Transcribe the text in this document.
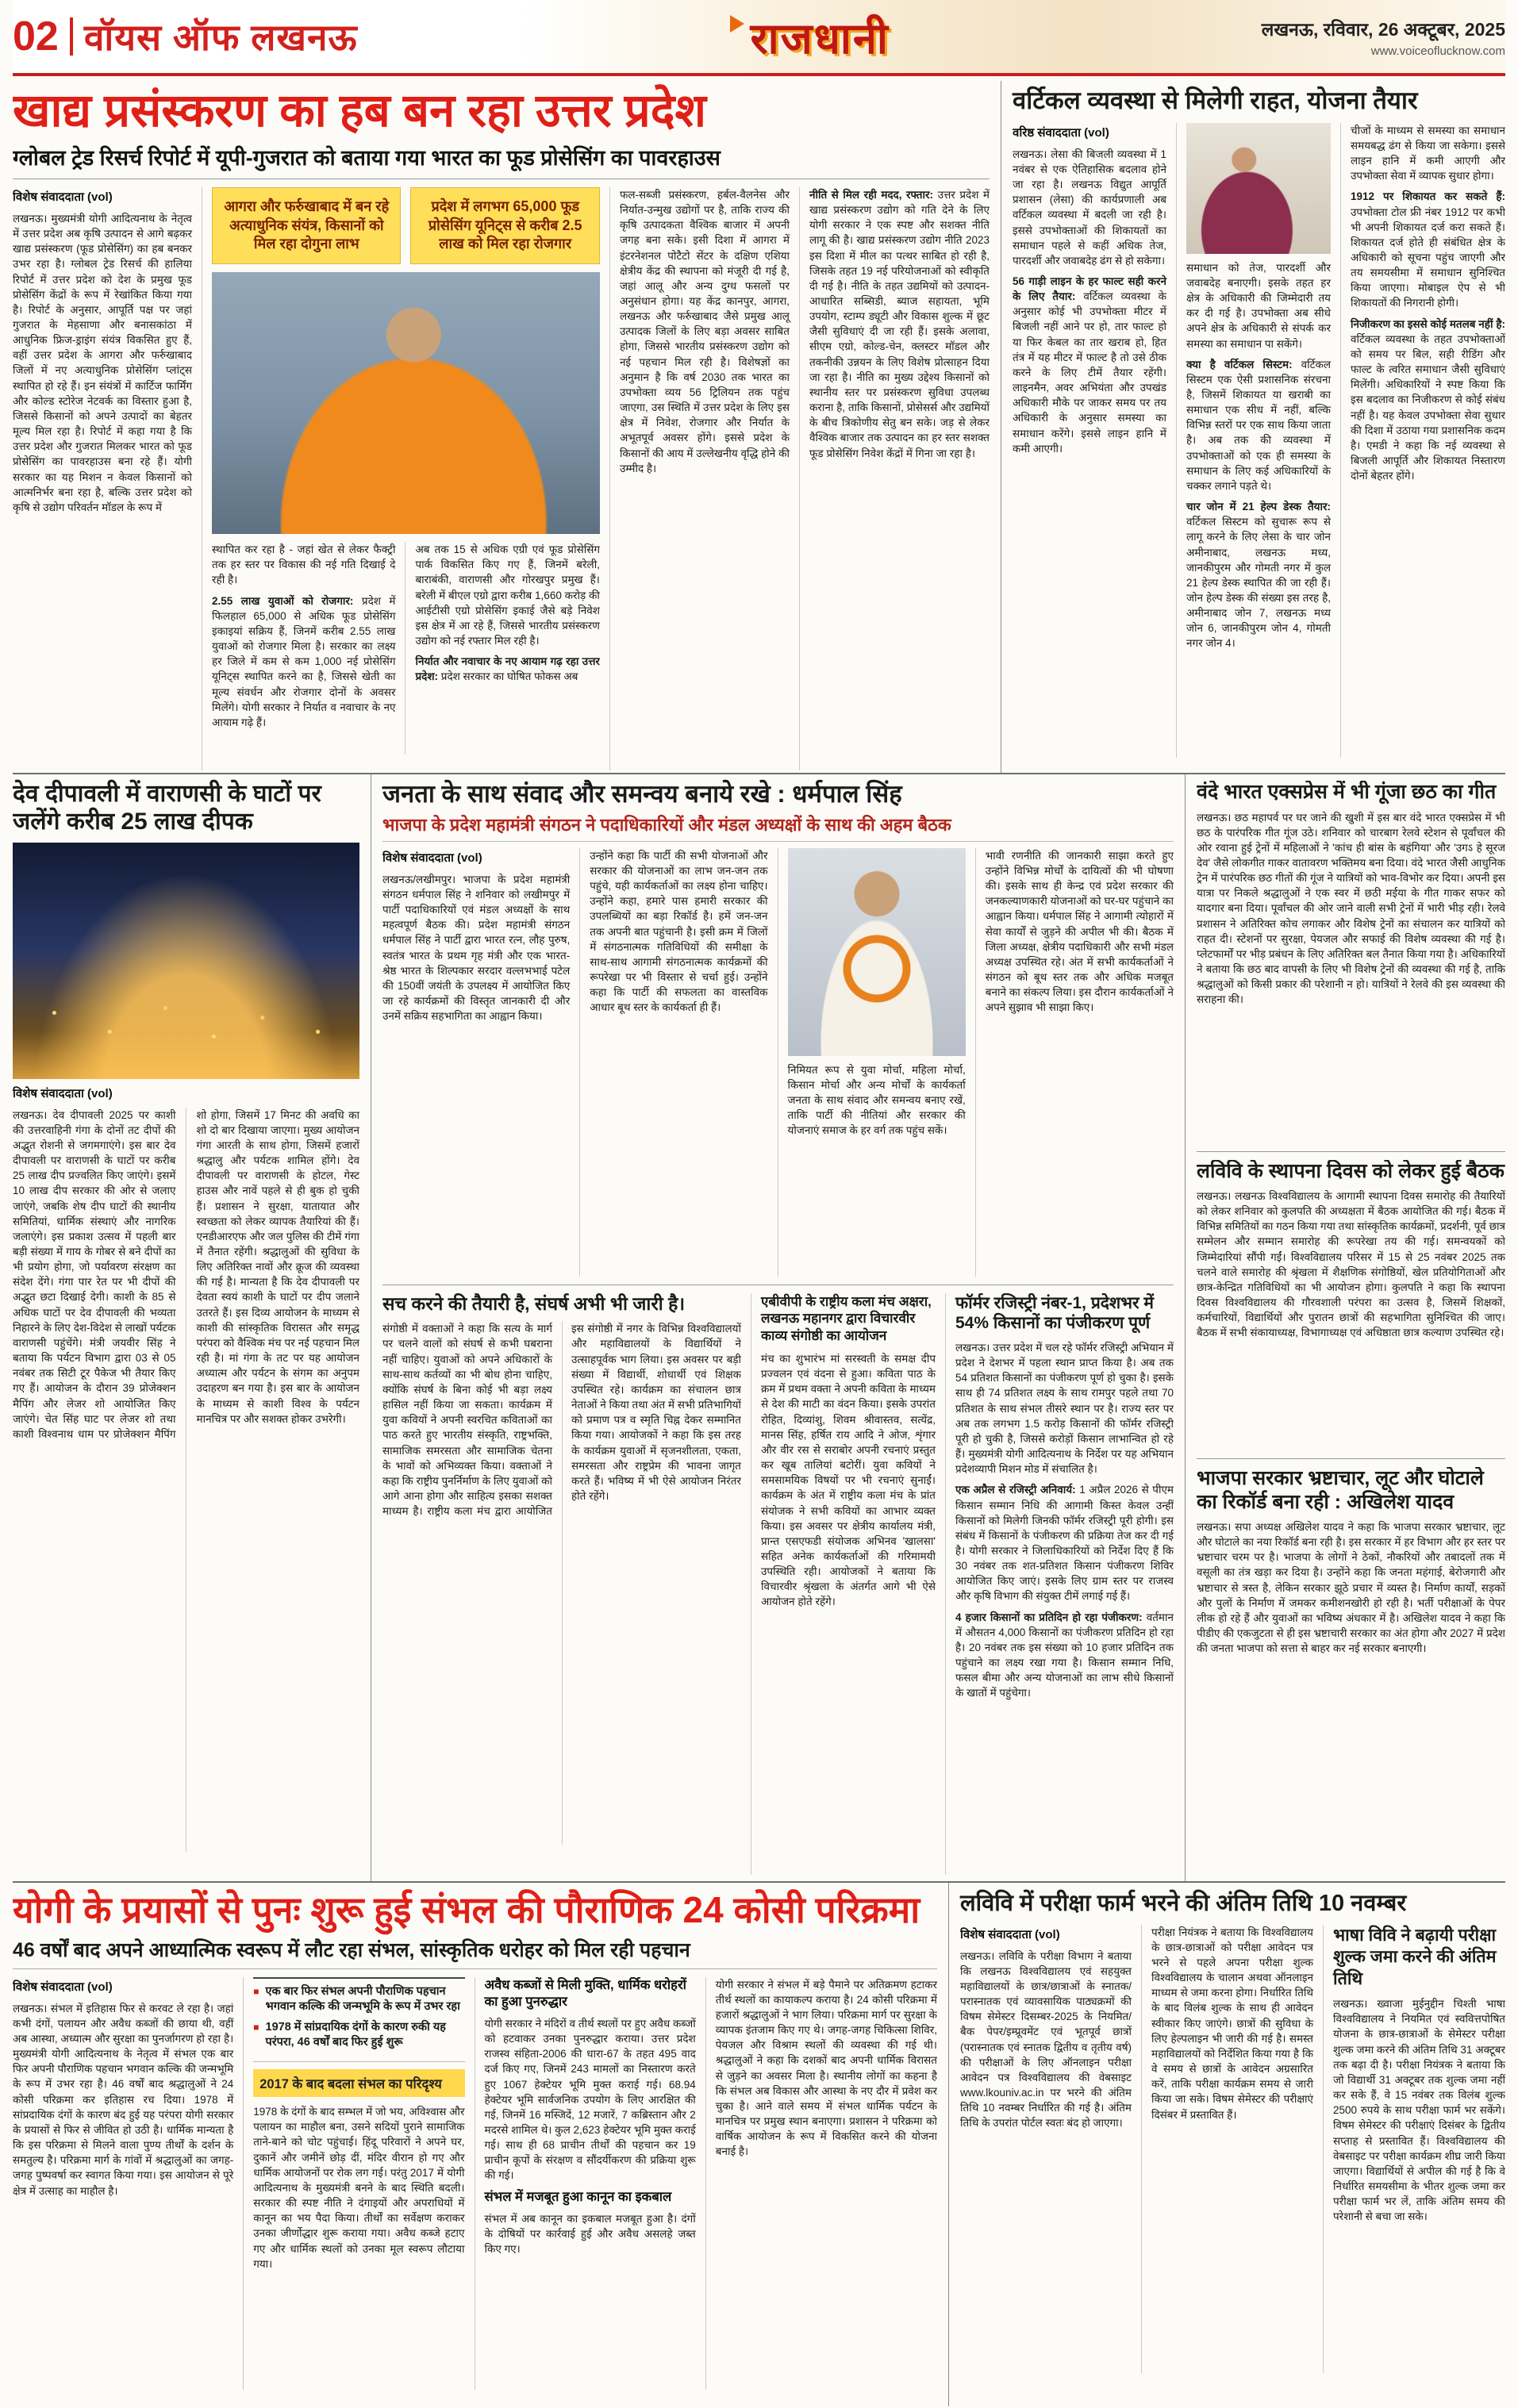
02 वॉयस ऑफ लखनऊ	राजधानी	लखनऊ, रविवार, 26 अक्टूबर, 2025
www.voiceoflucknow.com
खाद्य प्रसंस्करण का हब बन रहा उत्तर प्रदेश
ग्लोबल ट्रेड रिसर्च रिपोर्ट में यूपी-गुजरात को बताया गया भारत का फूड प्रोसेसिंग का पावरहाउस
विशेष संवाददाता (vol)

लखनऊ। मुख्यमंत्री योगी आदित्यनाथ के नेतृत्व में उत्तर प्रदेश अब कृषि उत्पादन से आगे बढ़कर खाद्य प्रसंस्करण (फूड प्रोसेसिंग) का हब बनकर उभर रहा है। ग्लोबल ट्रेड रिसर्च की हालिया रिपोर्ट में उत्तर प्रदेश को देश के प्रमुख फूड प्रोसेसिंग केंद्रों के रूप में रेखांकित किया गया है। रिपोर्ट के अनुसार, आपूर्ति पक्ष पर जहां गुजरात के मेहसाणा और बनासकांठा में आधुनिक फ्रिज-ड्राइंग संयंत्र विकसित हुए हैं, वहीं उत्तर प्रदेश के आगरा और फर्रुखाबाद जिलों में नए अत्याधुनिक प्रोसेसिंग प्लांट्स स्थापित हो रहे हैं। इन संयंत्रों में कार्टिज फार्मिंग और कोल्ड स्टोरेज नेटवर्क का विस्तार हुआ है, जिससे किसानों को अपने उत्पादों का बेहतर मूल्य मिल रहा है। रिपोर्ट में कहा गया है कि उत्तर प्रदेश और गुजरात मिलकर भारत को फूड प्रोसेसिंग का पावरहाउस बना रहे हैं। योगी सरकार का यह मिशन न केवल किसानों को आत्मनिर्भर बना रहा है, बल्कि उत्तर प्रदेश को कृषि से उद्योग परिवर्तन मॉडल के रूप में

आगरा और फर्रुखाबाद में बन रहे अत्याधुनिक संयंत्र, किसानों को मिल रहा दोगुना लाभ
प्रदेश में लगभग 65,000 फूड प्रोसेसिंग यूनिट्स से करीब 2.5 लाख को मिल रहा रोजगार

स्थापित कर रहा है - जहां खेत से लेकर फैक्ट्री तक हर स्तर पर विकास की नई गति दिखाई दे रही है।

2.55 लाख युवाओं को रोजगार: प्रदेश में फिलहाल 65,000 से अधिक फूड प्रोसेसिंग इकाइयां सक्रिय हैं, जिनमें करीब 2.55 लाख युवाओं को रोजगार मिला है। सरकार का लक्ष्य हर जिले में कम से कम 1,000 नई प्रोसेसिंग यूनिट्स स्थापित करने का है, जिससे खेती का मूल्य संवर्धन और रोजगार दोनों के अवसर मिलेंगे। योगी सरकार ने निर्यात व नवाचार के नए आयाम गढ़े हैं।

अब तक 15 से अधिक एग्री एवं फूड प्रोसेसिंग पार्क विकसित किए गए हैं, जिनमें बरेली, बाराबंकी, वाराणसी और गोरखपुर प्रमुख हैं। बरेली में बीएल एग्रो द्वारा करीब 1,660 करोड़ की आईटीसी एग्रो प्रोसेसिंग इकाई जैसे बड़े निवेश इस क्षेत्र में आ रहे हैं, जिससे भारतीय प्रसंस्करण उद्योग को नई रफ्तार मिल रही है।

निर्यात और नवाचार के नए आयाम गढ़ रहा उत्तर प्रदेश: प्रदेश सरकार का घोषित फोकस अब

फल-सब्जी प्रसंस्करण, हर्बल-वैलनेस और निर्यात-उन्मुख उद्योगों पर है, ताकि राज्य की कृषि उत्पादकता वैश्विक बाजार में अपनी जगह बना सके। इसी दिशा में आगरा में इंटरनेशनल पोटैटो सेंटर के दक्षिण एशिया क्षेत्रीय केंद्र की स्थापना को मंजूरी दी गई है, जहां आलू और अन्य दुग्ध फसलों पर अनुसंधान होगा। यह केंद्र कानपुर, आगरा, लखनऊ और फर्रुखाबाद जैसे प्रमुख आलू उत्पादक जिलों के लिए बड़ा अवसर साबित होगा, जिससे भारतीय प्रसंस्करण उद्योग को नई पहचान मिल रही है। विशेषज्ञों का अनुमान है कि वर्ष 2030 तक भारत का उपभोक्ता व्यय 56 ट्रिलियन तक पहुंच जाएगा, उस स्थिति में उत्तर प्रदेश के लिए इस क्षेत्र में निवेश, रोजगार और निर्यात के अभूतपूर्व अवसर होंगे। इससे प्रदेश के किसानों की आय में उल्लेखनीय वृद्धि होने की उम्मीद है।

नीति से मिल रही मदद, रफ्तार: उत्तर प्रदेश में खाद्य प्रसंस्करण उद्योग को गति देने के लिए योगी सरकार ने एक स्पष्ट और सशक्त नीति लागू की है। खाद्य प्रसंस्करण उद्योग नीति 2023 इस दिशा में मील का पत्थर साबित हो रही है, जिसके तहत 19 नई परियोजनाओं को स्वीकृति दी गई है। नीति के तहत उद्यमियों को उत्पादन-आधारित सब्सिडी, ब्याज सहायता, भूमि उपयोग, स्टाम्प ड्यूटी और विकास शुल्क में छूट जैसी सुविधाएं दी जा रही हैं। इसके अलावा, सीएम एग्रो, कोल्ड-चेन, क्लस्टर मॉडल और तकनीकी उन्नयन के लिए विशेष प्रोत्साहन दिया जा रहा है। नीति का मुख्य उद्देश्य किसानों को स्थानीय स्तर पर प्रसंस्करण सुविधा उपलब्ध कराना है, ताकि किसानों, प्रोसेसर्स और उद्यमियों के बीच त्रिकोणीय सेतु बन सके। जड़ से लेकर वैश्विक बाजार तक उत्पादन का हर स्तर सशक्त फूड प्रोसेसिंग निवेश केंद्रों में गिना जा रहा है।

वर्टिकल व्यवस्था से मिलेगी राहत, योजना तैयार
वरिष्ठ संवाददाता (vol)

लखनऊ। लेसा की बिजली व्यवस्था में 1 नवंबर से एक ऐतिहासिक बदलाव होने जा रहा है। लखनऊ विद्युत आपूर्ति प्रशासन (लेसा) की कार्यप्रणाली अब वर्टिकल व्यवस्था में बदली जा रही है। इससे उपभोक्ताओं की शिकायतों का समाधान पहले से कहीं अधिक तेज, पारदर्शी और जवाबदेह ढंग से हो सकेगा।

56 गाड़ी लाइन के हर फाल्ट सही करने के लिए तैयार: वर्टिकल व्यवस्था के अनुसार कोई भी उपभोक्ता मीटर में बिजली नहीं आने पर हो, तार फाल्ट हो या फिर केबल का तार खराब हो, हित तंत्र में यह मीटर में फाल्ट है तो उसे ठीक करने के लिए टीमें तैयार रहेंगी। लाइनमैन, अवर अभियंता और उपखंड अधिकारी मौके पर जाकर समय पर तय अधिकारी के अनुसार समस्या का समाधान करेंगे। इससे लाइन हानि में कमी आएगी।

समाधान को तेज, पारदर्शी और जवाबदेह बनाएगी। इसके तहत हर क्षेत्र के अधिकारी की जिम्मेदारी तय कर दी गई है। उपभोक्ता अब सीधे अपने क्षेत्र के अधिकारी से संपर्क कर समस्या का समाधान पा सकेंगे।

क्या है वर्टिकल सिस्टम: वर्टिकल सिस्टम एक ऐसी प्रशासनिक संरचना है, जिसमें शिकायत या खराबी का समाधान एक सीध में नहीं, बल्कि विभिन्न स्तरों पर एक साथ किया जाता है। अब तक की व्यवस्था में उपभोक्ताओं को एक ही समस्या के समाधान के लिए कई अधिकारियों के चक्कर लगाने पड़ते थे।

चार जोन में 21 हेल्प डेस्क तैयार: वर्टिकल सिस्टम को सुचारू रूप से लागू करने के लिए लेसा के चार जोन अमीनाबाद, लखनऊ मध्य, जानकीपुरम और गोमती नगर में कुल 21 हेल्प डेस्क स्थापित की जा रही हैं। जोन हेल्प डेस्क की संख्या इस तरह है, अमीनाबाद जोन 7, लखनऊ मध्य जोन 6, जानकीपुरम जोन 4, गोमती नगर जोन 4।

चीजों के माध्यम से समस्या का समाधान समयबद्ध ढंग से किया जा सकेगा। इससे लाइन हानि में कमी आएगी और उपभोक्ता सेवा में व्यापक सुधार होगा।

1912 पर शिकायत कर सकते हैं: उपभोक्ता टोल फ्री नंबर 1912 पर कभी भी अपनी शिकायत दर्ज करा सकते हैं। शिकायत दर्ज होते ही संबंधित क्षेत्र के अधिकारी को सूचना पहुंच जाएगी और तय समयसीमा में समाधान सुनिश्चित किया जाएगा। मोबाइल ऐप से भी शिकायतों की निगरानी होगी।

निजीकरण का इससे कोई मतलब नहीं है: वर्टिकल व्यवस्था के तहत उपभोक्ताओं को समय पर बिल, सही रीडिंग और फाल्ट के त्वरित समाधान जैसी सुविधाएं मिलेंगी। अधिकारियों ने स्पष्ट किया कि इस बदलाव का निजीकरण से कोई संबंध नहीं है। यह केवल उपभोक्ता सेवा सुधार की दिशा में उठाया गया प्रशासनिक कदम है। एमडी ने कहा कि नई व्यवस्था से बिजली आपूर्ति और शिकायत निस्तारण दोनों बेहतर होंगे।

देव दीपावली में वाराणसी के घाटों पर जलेंगे करीब 25 लाख दीपक
विशेष संवाददाता (vol)

लखनऊ। देव दीपावली 2025 पर काशी की उत्तरवाहिनी गंगा के दोनों तट दीपों की अद्भुत रोशनी से जगमगाएंगे। इस बार देव दीपावली पर वाराणसी के घाटों पर करीब 25 लाख दीप प्रज्वलित किए जाएंगे। इसमें 10 लाख दीप सरकार की ओर से जलाए जाएंगे, जबकि शेष दीप घाटों की स्थानीय समितियां, धार्मिक संस्थाएं और नागरिक जलाएंगे। इस प्रकाश उत्सव में पहली बार बड़ी संख्या में गाय के गोबर से बने दीपों का भी प्रयोग होगा, जो पर्यावरण संरक्षण का संदेश देंगे। गंगा पार रेत पर भी दीपों की अद्भुत छटा दिखाई देगी। काशी के 85 से अधिक घाटों पर देव दीपावली की भव्यता निहारने के लिए देश-विदेश से लाखों पर्यटक वाराणसी पहुंचेंगे। मंत्री जयवीर सिंह ने बताया कि पर्यटन विभाग द्वारा 03 से 05 नवंबर तक सिटी टूर पैकेज भी तैयार किए गए हैं। आयोजन के दौरान 39 प्रोजेक्शन मैपिंग और लेजर शो आयोजित किए जाएंगे। चेत सिंह घाट पर लेजर शो तथा काशी विश्वनाथ धाम पर प्रोजेक्शन मैपिंग शो होगा, जिसमें 17 मिनट की अवधि का शो दो बार दिखाया जाएगा। मुख्य आयोजन गंगा आरती के साथ होगा, जिसमें हजारों श्रद्धालु और पर्यटक शामिल होंगे। देव दीपावली पर वाराणसी के होटल, गेस्ट हाउस और नावें पहले से ही बुक हो चुकी हैं। प्रशासन ने सुरक्षा, यातायात और स्वच्छता को लेकर व्यापक तैयारियां की हैं। एनडीआरएफ और जल पुलिस की टीमें गंगा में तैनात रहेंगी। श्रद्धालुओं की सुविधा के लिए अतिरिक्त नावों और क्रूज की व्यवस्था की गई है। मान्यता है कि देव दीपावली पर देवता स्वयं काशी के घाटों पर दीप जलाने उतरते हैं। इस दिव्य आयोजन के माध्यम से काशी की सांस्कृतिक विरासत और समृद्ध परंपरा को वैश्विक मंच पर नई पहचान मिल रही है। मां गंगा के तट पर यह आयोजन अध्यात्म और पर्यटन के संगम का अनुपम उदाहरण बन गया है। इस बार के आयोजन के माध्यम से काशी विश्व के पर्यटन मानचित्र पर और सशक्त होकर उभरेगी।

जनता के साथ संवाद और समन्वय बनाये रखे : धर्मपाल सिंह
भाजपा के प्रदेश महामंत्री संगठन ने पदाधिकारियों और मंडल अध्यक्षों के साथ की अहम बैठक
विशेष संवाददाता (vol)

लखनऊ/लखीमपुर। भाजपा के प्रदेश महामंत्री संगठन धर्मपाल सिंह ने शनिवार को लखीमपुर में पार्टी पदाधिकारियों एवं मंडल अध्यक्षों के साथ महत्वपूर्ण बैठक की। प्रदेश महामंत्री संगठन धर्मपाल सिंह ने पार्टी द्वारा भारत रत्न, लौह पुरुष, स्वतंत्र भारत के प्रथम गृह मंत्री और एक भारत-श्रेष्ठ भारत के शिल्पकार सरदार वल्लभभाई पटेल की 150वीं जयंती के उपलक्ष्य में आयोजित किए जा रहे कार्यक्रमों की विस्तृत जानकारी दी और उनमें सक्रिय सहभागिता का आह्वान किया।

उन्होंने कहा कि पार्टी की सभी योजनाओं और सरकार की योजनाओं का लाभ जन-जन तक पहुंचे, यही कार्यकर्ताओं का लक्ष्य होना चाहिए। उन्होंने कहा, हमारे पास हमारी सरकार की उपलब्धियों का बड़ा रिकॉर्ड है। हमें जन-जन तक अपनी बात पहुंचानी है। इसी क्रम में जिलों में संगठनात्मक गतिविधियों की समीक्षा के साथ-साथ आगामी संगठनात्मक कार्यक्रमों की रूपरेखा पर भी विस्तार से चर्चा हुई। उन्होंने कहा कि पार्टी की सफलता का वास्तविक आधार बूथ स्तर के कार्यकर्ता ही हैं।

निमियत रूप से युवा मोर्चा, महिला मोर्चा, किसान मोर्चा और अन्य मोर्चों के कार्यकर्ता जनता के साथ संवाद और समन्वय बनाए रखें, ताकि पार्टी की नीतियां और सरकार की योजनाएं समाज के हर वर्ग तक पहुंच सकें।

भावी रणनीति की जानकारी साझा करते हुए उन्होंने विभिन्न मोर्चों के दायित्वों की भी घोषणा की। इसके साथ ही केन्द्र एवं प्रदेश सरकार की जनकल्याणकारी योजनाओं को घर-घर पहुंचाने का आह्वान किया। धर्मपाल सिंह ने आगामी त्योहारों में सेवा कार्यों से जुड़ने की अपील भी की। बैठक में जिला अध्यक्ष, क्षेत्रीय पदाधिकारी और सभी मंडल अध्यक्ष उपस्थित रहे। अंत में सभी कार्यकर्ताओं ने संगठन को बूथ स्तर तक और अधिक मजबूत बनाने का संकल्प लिया। इस दौरान कार्यकर्ताओं ने अपने सुझाव भी साझा किए।

सच करने की तैयारी है, संघर्ष अभी भी जारी है।

संगोष्ठी में वक्ताओं ने कहा कि सत्य के मार्ग पर चलने वालों को संघर्ष से कभी घबराना नहीं चाहिए। युवाओं को अपने अधिकारों के साथ-साथ कर्तव्यों का भी बोध होना चाहिए, क्योंकि संघर्ष के बिना कोई भी बड़ा लक्ष्य हासिल नहीं किया जा सकता। कार्यक्रम में युवा कवियों ने अपनी स्वरचित कविताओं का पाठ करते हुए भारतीय संस्कृति, राष्ट्रभक्ति, सामाजिक समरसता और सामाजिक चेतना के भावों को अभिव्यक्त किया। वक्ताओं ने कहा कि राष्ट्रीय पुनर्निर्माण के लिए युवाओं को आगे आना होगा और साहित्य इसका सशक्त माध्यम है। राष्ट्रीय कला मंच द्वारा आयोजित इस संगोष्ठी में नगर के विभिन्न विश्वविद्यालयों और महाविद्यालयों के विद्यार्थियों ने उत्साहपूर्वक भाग लिया। इस अवसर पर बड़ी संख्या में विद्यार्थी, शोधार्थी एवं शिक्षक उपस्थित रहे। कार्यक्रम का संचालन छात्र नेताओं ने किया तथा अंत में सभी प्रतिभागियों को प्रमाण पत्र व स्मृति चिह्न देकर सम्मानित किया गया। आयोजकों ने कहा कि इस तरह के कार्यक्रम युवाओं में सृजनशीलता, एकता, समरसता और राष्ट्रप्रेम की भावना जागृत करते हैं। भविष्य में भी ऐसे आयोजन निरंतर होते रहेंगे।

एबीवीपी के राष्ट्रीय कला मंच अक्षरा, लखनऊ महानगर द्वारा विचारवीर काव्य संगोष्ठी का आयोजन

मंच का शुभारंभ मां सरस्वती के समक्ष दीप प्रज्वलन एवं वंदना से हुआ। कविता पाठ के क्रम में प्रथम वक्ता ने अपनी कविता के माध्यम से देश की माटी का वंदन किया। इसके उपरांत रोहित, दिव्यांशु, शिवम श्रीवास्तव, सत्येंद्र, मानस सिंह, हर्षित राय आदि ने ओज, शृंगार और वीर रस से सराबोर अपनी रचनाएं प्रस्तुत कर खूब तालियां बटोरीं। युवा कवियों ने समसामयिक विषयों पर भी रचनाएं सुनाईं। कार्यक्रम के अंत में राष्ट्रीय कला मंच के प्रांत संयोजक ने सभी कवियों का आभार व्यक्त किया। इस अवसर पर क्षेत्रीय कार्यालय मंत्री, प्रान्त एसएफडी संयोजक अभिनव 'खालसा' सहित अनेक कार्यकर्ताओं की गरिमामयी उपस्थिति रही। आयोजकों ने बताया कि विचारवीर श्रृंखला के अंतर्गत आगे भी ऐसे आयोजन होते रहेंगे।

फॉर्मर रजिस्ट्री नंबर-1, प्रदेशभर में 54% किसानों का पंजीकरण पूर्ण

लखनऊ। उत्तर प्रदेश में चल रहे फॉर्मर रजिस्ट्री अभियान में प्रदेश ने देशभर में पहला स्थान प्राप्त किया है। अब तक 54 प्रतिशत किसानों का पंजीकरण पूर्ण हो चुका है। इसके साथ ही 74 प्रतिशत लक्ष्य के साथ रामपुर पहले तथा 70 प्रतिशत के साथ संभल तीसरे स्थान पर है। राज्य स्तर पर अब तक लगभग 1.5 करोड़ किसानों की फॉर्मर रजिस्ट्री पूरी हो चुकी है, जिससे करोड़ों किसान लाभान्वित हो रहे हैं। मुख्यमंत्री योगी आदित्यनाथ के निर्देश पर यह अभियान प्रदेशव्यापी मिशन मोड में संचालित है।

एक अप्रैल से रजिस्ट्री अनिवार्य: 1 अप्रैल 2026 से पीएम किसान सम्मान निधि की आगामी किस्त केवल उन्हीं किसानों को मिलेगी जिनकी फॉर्मर रजिस्ट्री पूरी होगी। इस संबंध में किसानों के पंजीकरण की प्रक्रिया तेज कर दी गई है। योगी सरकार ने जिलाधिकारियों को निर्देश दिए हैं कि 30 नवंबर तक शत-प्रतिशत किसान पंजीकरण शिविर आयोजित किए जाएं। इसके लिए ग्राम स्तर पर राजस्व और कृषि विभाग की संयुक्त टीमें लगाई गई हैं।

4 हजार किसानों का प्रतिदिन हो रहा पंजीकरण: वर्तमान में औसतन 4,000 किसानों का पंजीकरण प्रतिदिन हो रहा है। 20 नवंबर तक इस संख्या को 10 हजार प्रतिदिन तक पहुंचाने का लक्ष्य रखा गया है। किसान सम्मान निधि, फसल बीमा और अन्य योजनाओं का लाभ सीधे किसानों के खातों में पहुंचेगा।

वंदे भारत एक्सप्रेस में भी गूंजा छठ का गीत

लखनऊ। छठ महापर्व पर घर जाने की खुशी में इस बार वंदे भारत एक्सप्रेस में भी छठ के पारंपरिक गीत गूंज उठे। शनिवार को चारबाग रेलवे स्टेशन से पूर्वांचल की ओर रवाना हुई ट्रेनों में महिलाओं ने 'कांच ही बांस के बहंगिया' और 'उगऽ हे सूरज देव' जैसे लोकगीत गाकर वातावरण भक्तिमय बना दिया। वंदे भारत जैसी आधुनिक ट्रेन में पारंपरिक छठ गीतों की गूंज ने यात्रियों को भाव-विभोर कर दिया। अपनी इस यात्रा पर निकले श्रद्धालुओं ने एक स्वर में छठी मईया के गीत गाकर सफर को यादगार बना दिया। पूर्वांचल की ओर जाने वाली सभी ट्रेनों में भारी भीड़ रही। रेलवे प्रशासन ने अतिरिक्त कोच लगाकर और विशेष ट्रेनों का संचालन कर यात्रियों को राहत दी। स्टेशनों पर सुरक्षा, पेयजल और सफाई की विशेष व्यवस्था की गई है। प्लेटफार्मों पर भीड़ प्रबंधन के लिए अतिरिक्त बल तैनात किया गया है। अधिकारियों ने बताया कि छठ बाद वापसी के लिए भी विशेष ट्रेनों की व्यवस्था की गई है, ताकि श्रद्धालुओं को किसी प्रकार की परेशानी न हो। यात्रियों ने रेलवे की इस व्यवस्था की सराहना की।

लविवि के स्थापना दिवस को लेकर हुई बैठक

लखनऊ। लखनऊ विश्वविद्यालय के आगामी स्थापना दिवस समारोह की तैयारियों को लेकर शनिवार को कुलपति की अध्यक्षता में बैठक आयोजित की गई। बैठक में विभिन्न समितियों का गठन किया गया तथा सांस्कृतिक कार्यक्रमों, प्रदर्शनी, पूर्व छात्र सम्मेलन और सम्मान समारोह की रूपरेखा तय की गई। समन्वयकों को जिम्मेदारियां सौंपी गईं। विश्वविद्यालय परिसर में 15 से 25 नवंबर 2025 तक चलने वाले समारोह की श्रृंखला में शैक्षणिक संगोष्ठियों, खेल प्रतियोगिताओं और छात्र-केन्द्रित गतिविधियों का भी आयोजन होगा। कुलपति ने कहा कि स्थापना दिवस विश्वविद्यालय की गौरवशाली परंपरा का उत्सव है, जिसमें शिक्षकों, कर्मचारियों, विद्यार्थियों और पुरातन छात्रों की सहभागिता सुनिश्चित की जाए। बैठक में सभी संकायाध्यक्ष, विभागाध्यक्ष एवं अधिष्ठाता छात्र कल्याण उपस्थित रहे।

भाजपा सरकार भ्रष्टाचार, लूट और घोटाले का रिकॉर्ड बना रही : अखिलेश यादव

लखनऊ। सपा अध्यक्ष अखिलेश यादव ने कहा कि भाजपा सरकार भ्रष्टाचार, लूट और घोटाले का नया रिकॉर्ड बना रही है। इस सरकार में हर विभाग और हर स्तर पर भ्रष्टाचार चरम पर है। भाजपा के लोगों ने ठेकों, नौकरियों और तबादलों तक में वसूली का तंत्र खड़ा कर दिया है। उन्होंने कहा कि जनता महंगाई, बेरोजगारी और भ्रष्टाचार से त्रस्त है, लेकिन सरकार झूठे प्रचार में व्यस्त है। निर्माण कार्यों, सड़कों और पुलों के निर्माण में जमकर कमीशनखोरी हो रही है। भर्ती परीक्षाओं के पेपर लीक हो रहे हैं और युवाओं का भविष्य अंधकार में है। अखिलेश यादव ने कहा कि पीडीए की एकजुटता से ही इस भ्रष्टाचारी सरकार का अंत होगा और 2027 में प्रदेश की जनता भाजपा को सत्ता से बाहर कर नई सरकार बनाएगी।

योगी के प्रयासों से पुनः शुरू हुई संभल की पौराणिक 24 कोसी परिक्रमा
46 वर्षों बाद अपने आध्यात्मिक स्वरूप में लौट रहा संभल, सांस्कृतिक धरोहर को मिल रही पहचान
विशेष संवाददाता (vol)

लखनऊ। संभल में इतिहास फिर से करवट ले रहा है। जहां कभी दंगों, पलायन और अवैध कब्जों की छाया थी, वहीं अब आस्था, अध्यात्म और सुरक्षा का पुनर्जागरण हो रहा है। मुख्यमंत्री योगी आदित्यनाथ के नेतृत्व में संभल एक बार फिर अपनी पौराणिक पहचान भगवान कल्कि की जन्मभूमि के रूप में उभर रहा है। 46 वर्षों बाद श्रद्धालुओं ने 24 कोसी परिक्रमा कर इतिहास रच दिया। 1978 में सांप्रदायिक दंगों के कारण बंद हुई यह परंपरा योगी सरकार के प्रयासों से फिर से जीवित हो उठी है। धार्मिक मान्यता है कि इस परिक्रमा से मिलने वाला पुण्य तीर्थों के दर्शन के समतुल्य है। परिक्रमा मार्ग के गांवों में श्रद्धालुओं का जगह-जगह पुष्पवर्षा कर स्वागत किया गया। इस आयोजन से पूरे क्षेत्र में उत्साह का माहौल है।

■ एक बार फिर संभल अपनी पौराणिक पहचान भगवान कल्कि की जन्मभूमि के रूप में उभर रहा
■ 1978 में सांप्रदायिक दंगों के कारण रुकी यह परंपरा, 46 वर्षों बाद फिर हुई शुरू
2017 के बाद बदला संभल का परिदृश्य

1978 के दंगों के बाद सम्भल में जो भय, अविश्वास और पलायन का माहौल बना, उसने सदियों पुराने सामाजिक ताने-बाने को चोट पहुंचाई। हिंदू परिवारों ने अपने घर, दुकानें और जमीनें छोड़ दीं, मंदिर वीरान हो गए और धार्मिक आयोजनों पर रोक लग गई। परंतु 2017 में योगी आदित्यनाथ के मुख्यमंत्री बनने के बाद स्थिति बदली। सरकार की स्पष्ट नीति ने दंगाइयों और अपराधियों में कानून का भय पैदा किया। तीर्थों का सर्वेक्षण कराकर उनका जीर्णोद्धार शुरू कराया गया। अवैध कब्जे हटाए गए और धार्मिक स्थलों को उनका मूल स्वरूप लौटाया गया।

अवैध कब्जों से मिली मुक्ति, धार्मिक धरोहरों का हुआ पुनरुद्धार

योगी सरकार ने मंदिरों व तीर्थ स्थलों पर हुए अवैध कब्जों को हटवाकर उनका पुनरुद्धार कराया। उत्तर प्रदेश राजस्व संहिता-2006 की धारा-67 के तहत 495 वाद दर्ज किए गए, जिनमें 243 मामलों का निस्तारण करते हुए 1067 हेक्टेयर भूमि मुक्त कराई गई। 68.94 हेक्टेयर भूमि सार्वजनिक उपयोग के लिए आरक्षित की गई, जिनमें 16 मस्जिदें, 12 मजारें, 7 कब्रिस्तान और 2 मदरसे शामिल थे। कुल 2,623 हेक्टेयर भूमि मुक्त कराई गई। साथ ही 68 प्राचीन तीर्थों की पहचान कर 19 प्राचीन कूपों के संरक्षण व सौंदर्यीकरण की प्रक्रिया शुरू की गई।

संभल में मजबूत हुआ कानून का इकबाल

संभल में अब कानून का इकबाल मजबूत हुआ है। दंगों के दोषियों पर कार्रवाई हुई और अवैध असलहे जब्त किए गए।

योगी सरकार ने संभल में बड़े पैमाने पर अतिक्रमण हटाकर तीर्थ स्थलों का कायाकल्प कराया है। 24 कोसी परिक्रमा में हजारों श्रद्धालुओं ने भाग लिया। परिक्रमा मार्ग पर सुरक्षा के व्यापक इंतजाम किए गए थे। जगह-जगह चिकित्सा शिविर, पेयजल और विश्राम स्थलों की व्यवस्था की गई थी। श्रद्धालुओं ने कहा कि दशकों बाद अपनी धार्मिक विरासत से जुड़ने का अवसर मिला है। स्थानीय लोगों का कहना है कि संभल अब विकास और आस्था के नए दौर में प्रवेश कर चुका है। आने वाले समय में संभल धार्मिक पर्यटन के मानचित्र पर प्रमुख स्थान बनाएगा। प्रशासन ने परिक्रमा को वार्षिक आयोजन के रूप में विकसित करने की योजना बनाई है।

लविवि में परीक्षा फार्म भरने की अंतिम तिथि 10 नवम्बर
विशेष संवाददाता (vol)

लखनऊ। लविवि के परीक्षा विभाग ने बताया कि लखनऊ विश्वविद्यालय एवं सहयुक्त महाविद्यालयों के छात्र/छात्राओं के स्नातक/परास्नातक एवं व्यावसायिक पाठ्यक्रमों की विषम सेमेस्टर दिसम्बर-2025 के नियमित/बैक पेपर/इम्प्रूवमेंट एवं भूतपूर्व छात्रों (परास्नातक एवं स्नातक द्वितीय व तृतीय वर्ष) की परीक्षाओं के लिए ऑनलाइन परीक्षा आवेदन पत्र विश्वविद्यालय की वेबसाइट www.lkouniv.ac.in पर भरने की अंतिम तिथि 10 नवम्बर निर्धारित की गई है। अंतिम तिथि के उपरांत पोर्टल स्वतः बंद हो जाएगा।

परीक्षा नियंत्रक ने बताया कि विश्वविद्यालय के छात्र-छात्राओं को परीक्षा आवेदन पत्र भरने से पहले अपना परीक्षा शुल्क विश्वविद्यालय के चालान अथवा ऑनलाइन माध्यम से जमा करना होगा। निर्धारित तिथि के बाद विलंब शुल्क के साथ ही आवेदन स्वीकार किए जाएंगे। छात्रों की सुविधा के लिए हेल्पलाइन भी जारी की गई है। समस्त महाविद्यालयों को निर्देशित किया गया है कि वे समय से छात्रों के आवेदन अग्रसारित करें, ताकि परीक्षा कार्यक्रम समय से जारी किया जा सके। विषम सेमेस्टर की परीक्षाएं दिसंबर में प्रस्तावित हैं।

भाषा विवि ने बढ़ायी परीक्षा शुल्क जमा करने की अंतिम तिथि

लखनऊ। ख्वाजा मुईनुद्दीन चिश्ती भाषा विश्वविद्यालय ने नियमित एवं स्ववित्तपोषित योजना के छात्र-छात्राओं के सेमेस्टर परीक्षा शुल्क जमा करने की अंतिम तिथि 31 अक्टूबर तक बढ़ा दी है। परीक्षा नियंत्रक ने बताया कि जो विद्यार्थी 31 अक्टूबर तक शुल्क जमा नहीं कर सके हैं, वे 15 नवंबर तक विलंब शुल्क 2500 रुपये के साथ परीक्षा फार्म भर सकेंगे। विषम सेमेस्टर की परीक्षाएं दिसंबर के द्वितीय सप्ताह से प्रस्तावित हैं। विश्वविद्यालय की वेबसाइट पर परीक्षा कार्यक्रम शीघ्र जारी किया जाएगा। विद्यार्थियों से अपील की गई है कि वे निर्धारित समयसीमा के भीतर शुल्क जमा कर परीक्षा फार्म भर लें, ताकि अंतिम समय की परेशानी से बचा जा सके।
